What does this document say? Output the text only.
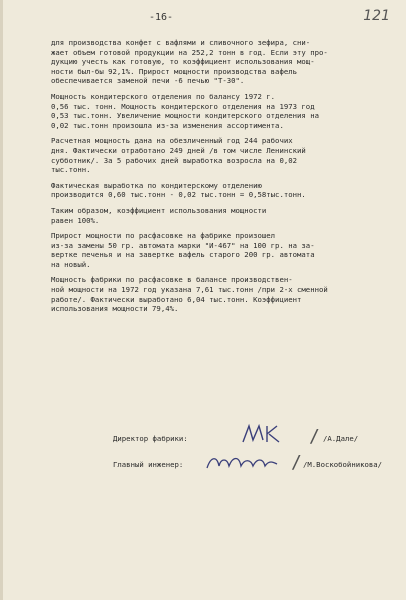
-16-	121

для производства конфет с вафлями и сливочного зефира, сни-
жает объем готовой продукции на 252,2 тонн в год. Если эту про-
дукцию учесть как готовую, то коэффициент использования мощ-
ности был-бы 92,1%. Прирост мощности производства вафель
обеспечивается заменой печи -6 печью "Т-30".

Мощность кондитерского отделения по балансу 1972 г.
0,56 тыс. тонн. Мощность кондитерского отделения на 1973 год
0,53 тыс.тонн. Увеличение мощности кондитерского отделения на
0,02 тыс.тонн произошла из-за изменения ассортимента.

Расчетная мощность дана на обезличенный год 244 рабочих
дня. Фактически отработано 249 дней /в том числе Ленинский
субботник/. За 5 рабочих дней выработка возросла на 0,02
тыс.тонн.

Фактическая выработка по кондитерскому отделению
производится 0,60 тыс.тонн - 0,02 тыс.тонн = 0,58тыс.тонн.

Таким образом, коэффициент использования мощности
равен 100%.

Прирост мощности по расфасовке на фабрике произошел
из-за замены 50 гр. автомата марки "И-467" на 100 гр. на за-
вертке печенья и на завертке вафель старого 200 гр. автомата
на новый.

Мощность фабрики по расфасовке в балансе производствен-
ной мощности на 1972 год указана 7,61 тыс.тонн /при 2-х сменной
работе/. Фактически выработано 6,04 тыс.тонн. Коэффициент
использования мощности 79,4%.

Директор фабрики:	/ /А.Дале/
Главный инженер:	/ /М.Воскобойникова/
